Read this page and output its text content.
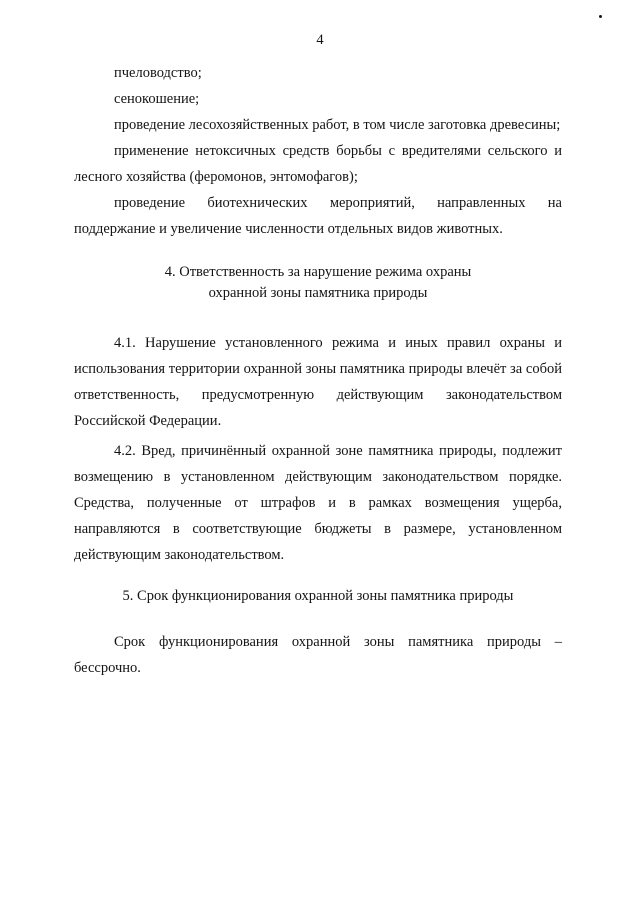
4

пчеловодство;

сенокошение;

проведение лесохозяйственных работ, в том числе заготовка древесины;

применение нетоксичных средств борьбы с вредителями сельского и лесного хозяйства (феромонов, энтомофагов);

проведение биотехнических мероприятий, направленных на поддержание и увеличение численности отдельных видов животных.

4. Ответственность за нарушение режима охраны

охранной зоны памятника природы

4.1. Нарушение установленного режима и иных правил охраны и использования территории охранной зоны памятника природы влечёт за собой ответственность, предусмотренную действующим законодательством Российской Федерации.

4.2. Вред, причинённый охранной зоне памятника природы, подлежит возмещению в установленном действующим законодательством порядке. Средства, полученные от штрафов и в рамках возмещения ущерба, направляются в соответствующие бюджеты в размере, установленном действующим законодательством.

5. Срок функционирования охранной зоны памятника природы

Срок функционирования охранной зоны памятника природы – бессрочно.
